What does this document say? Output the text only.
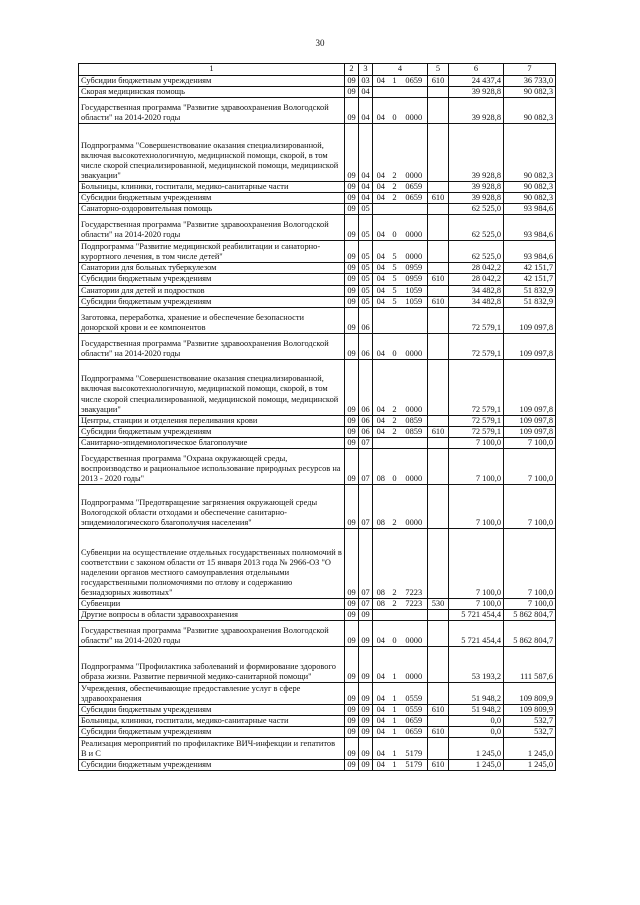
30
1	2	3	4			5	6	7
Субсидии бюджетным учреждениям	09	03	04	1	0659	610	24 437,4	36 733,0
Скорая медицинская помощь	09	04					39 928,8	90 082,3
Государственная программа "Развитие здравоохранения Вологодской области" на 2014-2020 годы	09	04	04	0	0000		39 928,8	90 082,3
Подпрограмма "Совершенствование оказания специализированной, включая высокотехнологичную, медицинской помощи, скорой, в том числе скорой специализированной, медицинской помощи, медицинской эвакуации"	09	04	04	2	0000		39 928,8	90 082,3
Больницы, клиники, госпитали, медико-санитарные части	09	04	04	2	0659		39 928,8	90 082,3
Субсидии бюджетным учреждениям	09	04	04	2	0659	610	39 928,8	90 082,3
Санаторно-оздоровительная помощь	09	05					62 525,0	93 984,6
Государственная программа "Развитие здравоохранения Вологодской области" на 2014-2020 годы	09	05	04	0	0000		62 525,0	93 984,6
Подпрограмма "Развитие медицинской реабилитации и санаторно-курортного лечения, в том числе детей"	09	05	04	5	0000		62 525,0	93 984,6
Санатории для больных туберкулезом	09	05	04	5	0959		28 042,2	42 151,7
Субсидии бюджетным учреждениям	09	05	04	5	0959	610	28 042,2	42 151,7
Санатории для детей и подростков	09	05	04	5	1059		34 482,8	51 832,9
Субсидии бюджетным учреждениям	09	05	04	5	1059	610	34 482,8	51 832,9
Заготовка, переработка, хранение и обеспечение безопасности донорской крови и ее компонентов	09	06					72 579,1	109 097,8
Государственная программа "Развитие здравоохранения Вологодской области" на 2014-2020 годы	09	06	04	0	0000		72 579,1	109 097,8
Подпрограмма "Совершенствование оказания специализированной, включая высокотехнологичную, медицинской помощи, скорой, в том числе скорой специализированной, медицинской помощи, медицинской эвакуации"	09	06	04	2	0000		72 579,1	109 097,8
Центры, станции и отделения переливания крови	09	06	04	2	0859		72 579,1	109 097,8
Субсидии бюджетным учреждениям	09	06	04	2	0859	610	72 579,1	109 097,8
Санитарно-эпидемиологическое благополучие	09	07					7 100,0	7 100,0
Государственная программа "Охрана окружающей среды, воспроизводство и рациональное использование природных ресурсов на 2013 - 2020 годы"	09	07	08	0	0000		7 100,0	7 100,0
Подпрограмма "Предотвращение загрязнения окружающей среды Вологодской области отходами и обеспечение санитарно-эпидемиологического благополучия населения"	09	07	08	2	0000		7 100,0	7 100,0
Субвенции на осуществление отдельных государственных полномочий в соответствии с законом области от 15 января 2013 года № 2966-ОЗ "О наделении органов местного самоуправления отдельными государственными полномочиями по отлову и содержанию безнадзорных животных"	09	07	08	2	7223		7 100,0	7 100,0
Субвенции	09	07	08	2	7223	530	7 100,0	7 100,0
Другие вопросы в области здравоохранения	09	09					5 721 454,4	5 862 804,7
Государственная программа "Развитие здравоохранения Вологодской области" на 2014-2020 годы	09	09	04	0	0000		5 721 454,4	5 862 804,7
Подпрограмма "Профилактика заболеваний и формирование здорового образа жизни. Развитие первичной медико-санитарной помощи"	09	09	04	1	0000		53 193,2	111 587,6
Учреждения, обеспечивающие предоставление услуг в сфере здравоохранения	09	09	04	1	0559		51 948,2	109 809,9
Субсидии бюджетным учреждениям	09	09	04	1	0559	610	51 948,2	109 809,9
Больницы, клиники, госпитали, медико-санитарные части	09	09	04	1	0659		0,0	532,7
Субсидии бюджетным учреждениям	09	09	04	1	0659	610	0,0	532,7
Реализация мероприятий по профилактике ВИЧ-инфекции и гепатитов В и С	09	09	04	1	5179		1 245,0	1 245,0
Субсидии бюджетным учреждениям	09	09	04	1	5179	610	1 245,0	1 245,0
